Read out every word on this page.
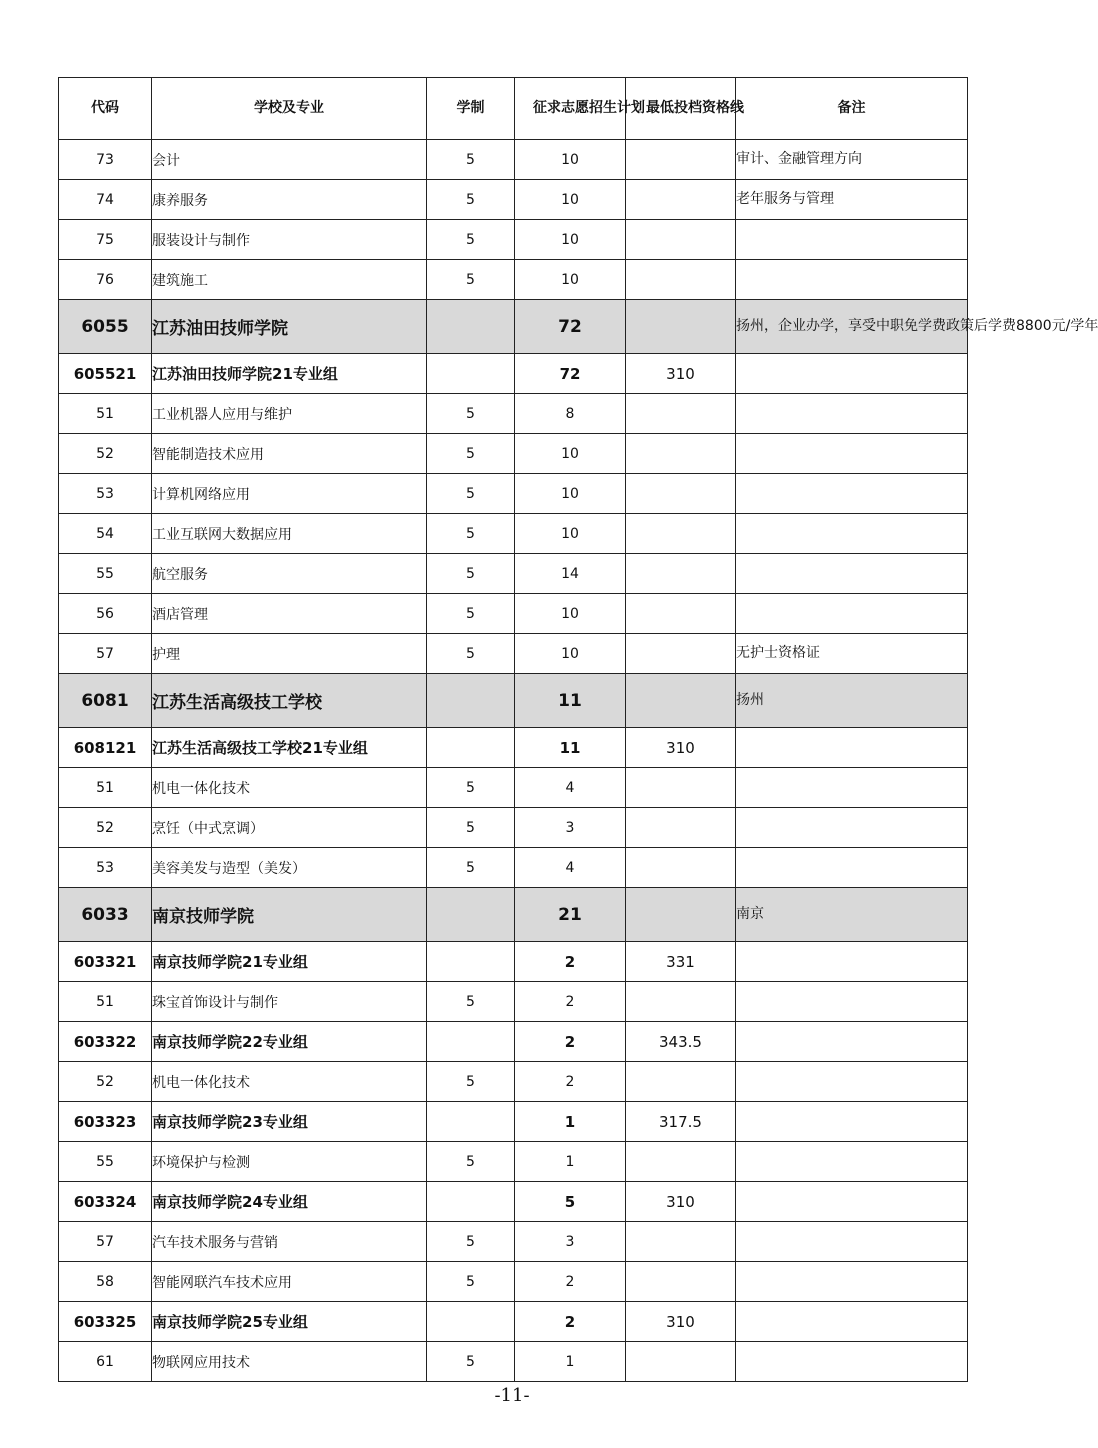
代码	学校及专业	学制	征求志愿招生计划	最低投档资格线	备注
73	会计	5	10		审计、金融管理方向
74	康养服务	5	10		老年服务与管理
75	服装设计与制作	5	10		
76	建筑施工	5	10		
6055	江苏油田技师学院		72		扬州，企业办学，享受中职免学费政策后学费8800元/学年
605521	江苏油田技师学院21专业组		72	310	
51	工业机器人应用与维护	5	8		
52	智能制造技术应用	5	10		
53	计算机网络应用	5	10		
54	工业互联网大数据应用	5	10		
55	航空服务	5	14		
56	酒店管理	5	10		
57	护理	5	10		无护士资格证
6081	江苏生活高级技工学校		11		扬州
608121	江苏生活高级技工学校21专业组		11	310	
51	机电一体化技术	5	4		
52	烹饪（中式烹调）	5	3		
53	美容美发与造型（美发）	5	4		
6033	南京技师学院		21		南京
603321	南京技师学院21专业组		2	331	
51	珠宝首饰设计与制作	5	2		
603322	南京技师学院22专业组		2	343.5	
52	机电一体化技术	5	2		
603323	南京技师学院23专业组		1	317.5	
55	环境保护与检测	5	1		
603324	南京技师学院24专业组		5	310	
57	汽车技术服务与营销	5	3		
58	智能网联汽车技术应用	5	2		
603325	南京技师学院25专业组		2	310	
61	物联网应用技术	5	1		
-11-
